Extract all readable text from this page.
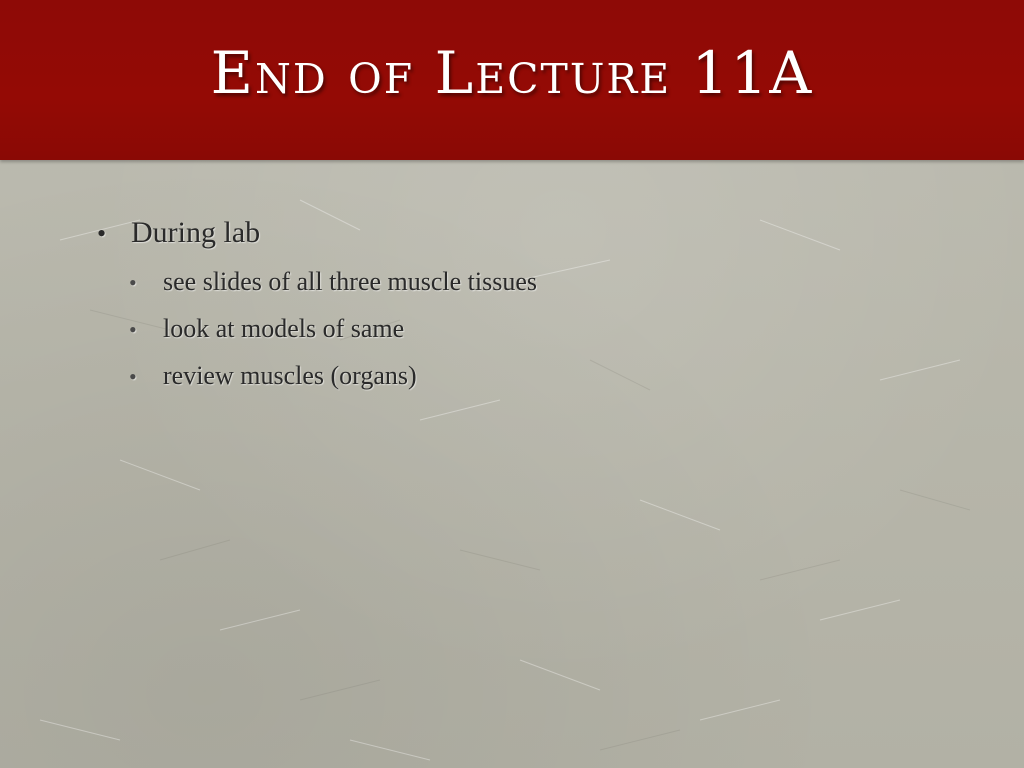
End of Lecture 11A
• During lab
•	see slides of all three muscle tissues
•	look at models of same
•	review muscles (organs)
